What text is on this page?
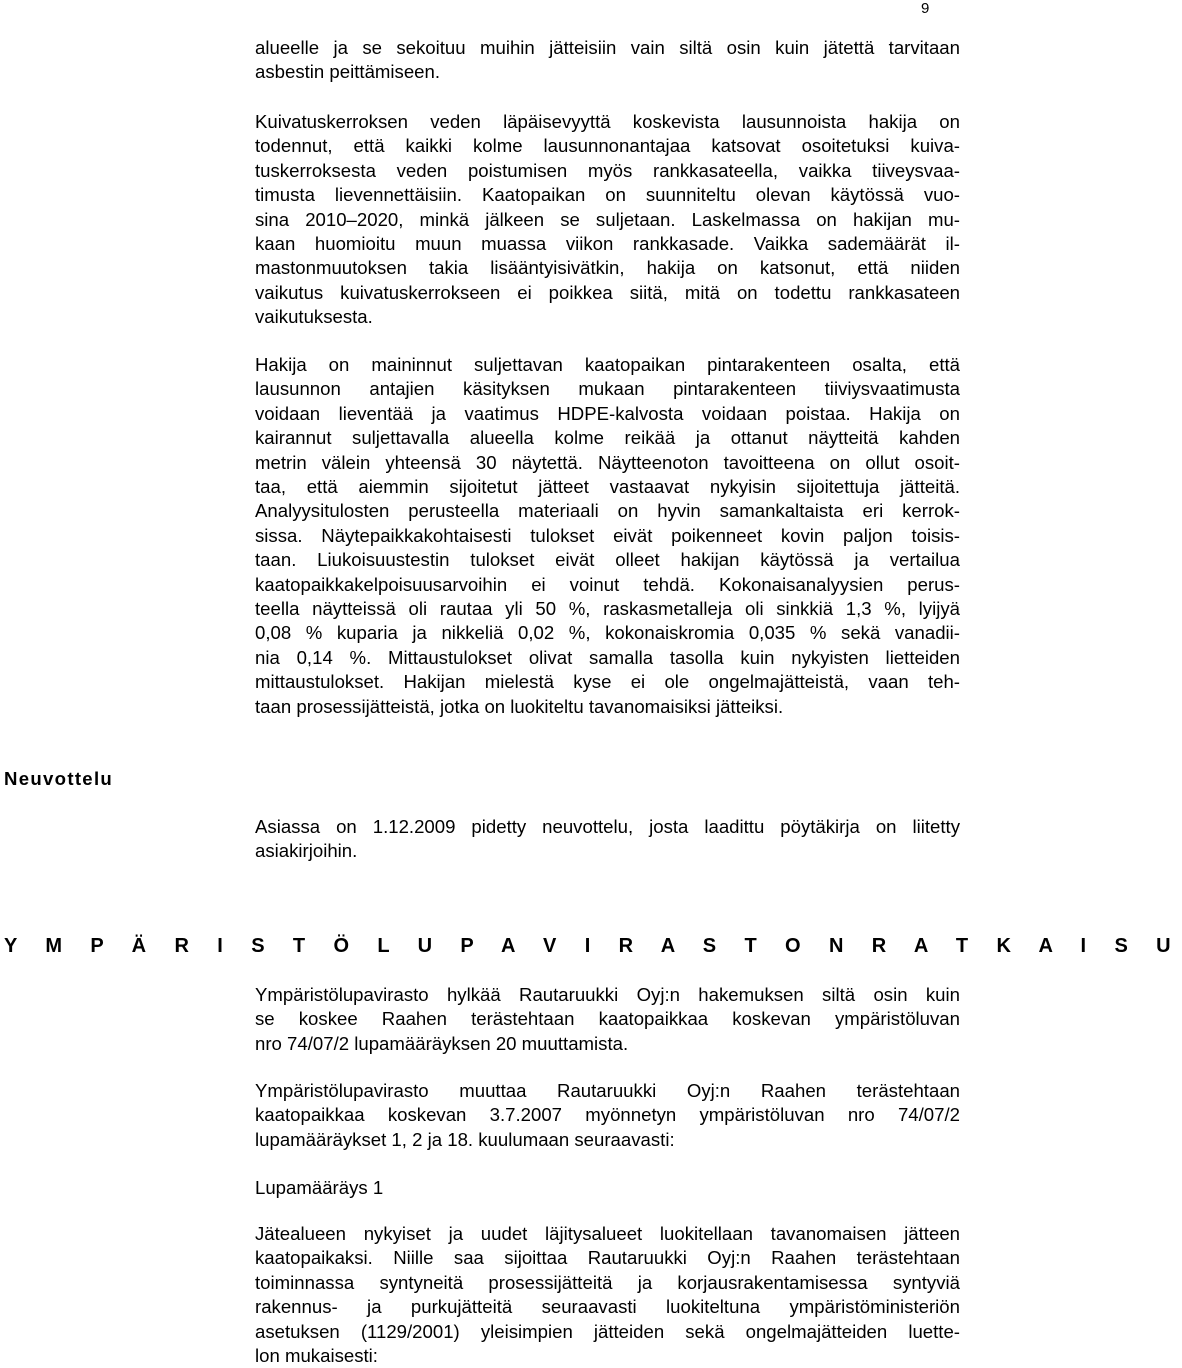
9
alueelle ja se sekoituu muihin jätteisiin vain siltä osin kuin jätettä tarvitaan
asbestin peittämiseen.
Kuivatuskerroksen veden läpäisevyyttä koskevista lausunnoista hakija on
todennut, että kaikki kolme lausunnonantajaa katsovat osoitetuksi kuiva-
tuskerroksesta veden poistumisen myös rankkasateella, vaikka tiiveysvaa-
timusta lievennettäisiin. Kaatopaikan on suunniteltu olevan käytössä vuo-
sina 2010–2020, minkä jälkeen se suljetaan. Laskelmassa on hakijan mu-
kaan huomioitu muun muassa viikon rankkasade. Vaikka sademäärät il-
mastonmuutoksen takia lisääntyisivätkin, hakija on katsonut, että niiden
vaikutus kuivatuskerrokseen ei poikkea siitä, mitä on todettu rankkasateen
vaikutuksesta.
Hakija on maininnut suljettavan kaatopaikan pintarakenteen osalta, että
lausunnon antajien käsityksen mukaan pintarakenteen tiiviysvaatimusta
voidaan lieventää ja vaatimus HDPE-kalvosta voidaan poistaa. Hakija on
kairannut suljettavalla alueella kolme reikää ja ottanut näytteitä kahden
metrin välein yhteensä 30 näytettä. Näytteenoton tavoitteena on ollut osoit-
taa, että aiemmin sijoitetut jätteet vastaavat nykyisin sijoitettuja jätteitä.
Analyysitulosten perusteella materiaali on hyvin samankaltaista eri kerrok-
sissa. Näytepaikkakohtaisesti tulokset eivät poikenneet kovin paljon toisis-
taan. Liukoisuustestin tulokset eivät olleet hakijan käytössä ja vertailua
kaatopaikkakelpoisuusarvoihin ei voinut tehdä. Kokonaisanalyysien perus-
teella näytteissä oli rautaa yli 50 %, raskasmetalleja oli sinkkiä 1,3 %, lyijyä
0,08 % kuparia ja nikkeliä 0,02 %, kokonaiskromia 0,035 % sekä vanadii-
nia 0,14 %. Mittaustulokset olivat samalla tasolla kuin nykyisten lietteiden
mittaustulokset. Hakijan mielestä kyse ei ole ongelmajätteistä, vaan teh-
taan prosessijätteistä, jotka on luokiteltu tavanomaisiksi jätteiksi.
Neuvottelu
Asiassa on 1.12.2009 pidetty neuvottelu, josta laadittu pöytäkirja on liitetty
asiakirjoihin.
Y M P Ä R I S T Ö L U P A V I R A S T O N R A T K A I S U
Ympäristölupavirasto hylkää Rautaruukki Oyj:n hakemuksen siltä osin kuin
se koskee Raahen terästehtaan kaatopaikkaa koskevan ympäristöluvan
nro 74/07/2 lupamääräyksen 20 muuttamista.
Ympäristölupavirasto muuttaa Rautaruukki Oyj:n Raahen terästehtaan
kaatopaikkaa koskevan 3.7.2007 myönnetyn ympäristöluvan nro 74/07/2
lupamääräykset 1, 2 ja 18. kuulumaan seuraavasti:
Lupamääräys 1
Jätealueen nykyiset ja uudet läjitysalueet luokitellaan tavanomaisen jätteen
kaatopaikaksi. Niille saa sijoittaa Rautaruukki Oyj:n Raahen terästehtaan
toiminnassa syntyneitä prosessijätteitä ja korjausrakentamisessa syntyviä
rakennus- ja purkujätteitä seuraavasti luokiteltuna ympäristöministeriön
asetuksen (1129/2001) yleisimpien jätteiden sekä ongelmajätteiden luette-
lon mukaisesti:
